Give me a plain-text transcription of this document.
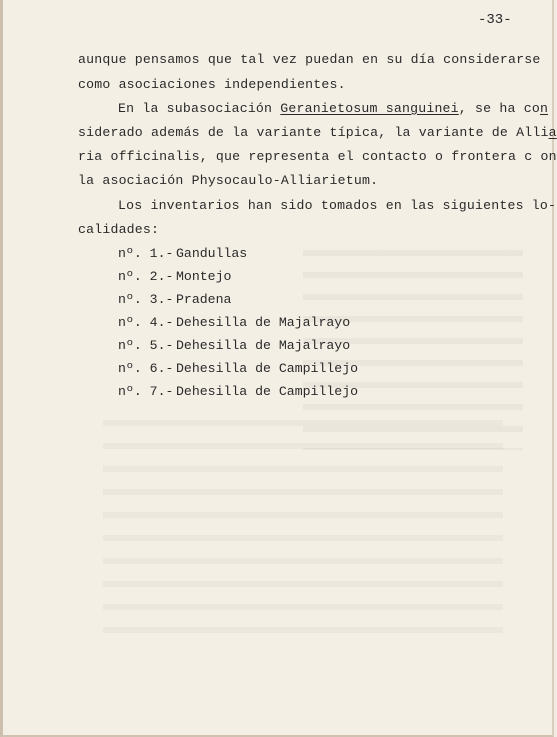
-33-
aunque pensamos que tal vez puedan en su día considerarse
como asociaciones independientes.
En la subasociación Geranietosum sanguinei, se ha con
siderado además de la variante típica, la variante de Allia
ria officinalis, que representa el contacto o frontera c on
la asociación Physocaulo-Alliarietum.
Los inventarios han sido tomados en las siguientes lo-
calidades:
nº. 1.- Gandullas
nº. 2.- Montejo
nº. 3.- Pradena
nº. 4.- Dehesilla de Majalrayo
nº. 5.- Dehesilla de Majalrayo
nº. 6.- Dehesilla de Campillejo
nº. 7.- Dehesilla de Campillejo
